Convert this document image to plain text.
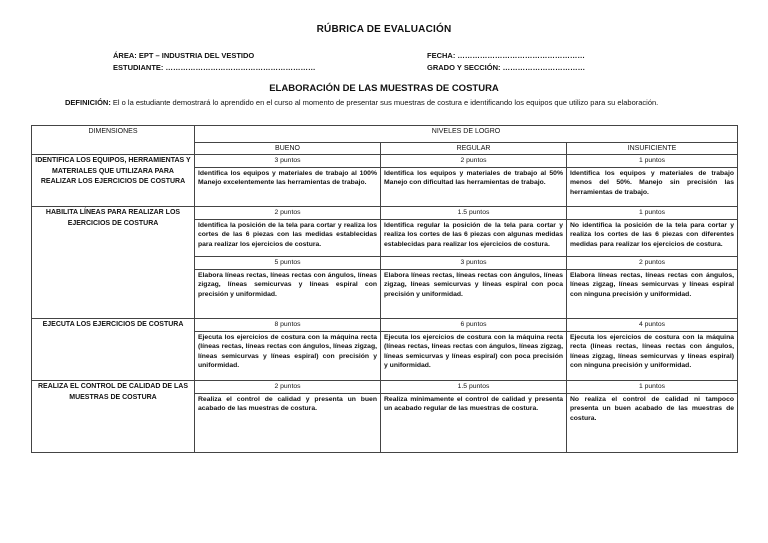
RÚBRICA DE EVALUACIÓN
ÁREA: EPT – INDUSTRIA DEL VESTIDO
ESTUDIANTE: ……………………………………………………
FECHA: ……………………………………………
GRADO Y SECCIÓN: ……………………………
ELABORACIÓN DE LAS MUESTRAS DE COSTURA
DEFINICIÓN: El o la estudiante demostrará lo aprendido en el curso al momento de presentar sus muestras de costura e identificando los equipos que utilizo para su elaboración.
DIMENSIONES	NIVELES DE LOGRO		
	BUENO	REGULAR	INSUFICIENTE
IDENTIFICA LOS EQUIPOS, HERRAMIENTAS Y MATERIALES QUE UTILIZARA PARA REALIZAR LOS EJERCICIOS DE COSTURA	3 puntos	2 puntos	1 puntos
	Identifica los equipos y materiales de trabajo al 100% Manejo excelentemente las herramientas de trabajo.	Identifica los equipos y materiales de trabajo al 50% Manejo con dificultad las herramientas de trabajo.	Identifica los equipos y materiales de trabajo menos del 50%. Manejo sin precisión las herramientas de trabajo.
HABILITA LÍNEAS PARA REALIZAR LOS EJERCICIOS DE COSTURA	2 puntos	1.5 puntos	1 puntos
	Identifica la posición de la tela para cortar y realiza los cortes de las 6 piezas con las medidas establecidas para realizar los ejercicios de costura.	Identifica regular la posición de la tela para cortar y realiza los cortes de las 6 piezas con algunas medidas establecidas para realizar los ejercicios de costura.	No identifica la posición de la tela para cortar y realiza los cortes de las 6 piezas con diferentes medidas para realizar los ejercicios de costura.
	5 puntos	3 puntos	2 puntos
	Elabora líneas rectas, líneas rectas con ángulos, líneas zigzag, líneas semicurvas y líneas espiral con precisión y uniformidad.	Elabora líneas rectas, líneas rectas con ángulos, líneas zigzag, líneas semicurvas y líneas espiral con poca precisión y uniformidad.	Elabora líneas rectas, líneas rectas con ángulos, líneas zigzag, líneas semicurvas y líneas espiral con ninguna precisión y uniformidad.
EJECUTA LOS EJERCICIOS DE COSTURA	8 puntos	6 puntos	4 puntos
	Ejecuta los ejercicios de costura con la máquina recta (líneas rectas, líneas rectas con ángulos, líneas zigzag, líneas semicurvas y líneas espiral) con precisión y uniformidad.	Ejecuta los ejercicios de costura con la máquina recta (líneas rectas, líneas rectas con ángulos, líneas zigzag, líneas semicurvas y líneas espiral) con poca precisión y uniformidad.	Ejecuta los ejercicios de costura con la máquina recta (líneas rectas, líneas rectas con ángulos, líneas zigzag, líneas semicurvas y líneas espiral) con ninguna precisión y uniformidad.
REALIZA EL CONTROL DE CALIDAD DE LAS MUESTRAS DE COSTURA	2 puntos	1.5 puntos	1 puntos
	Realiza el control de calidad y presenta un buen acabado de las muestras de costura.	Realiza mínimamente el control de calidad y presenta un acabado regular de las muestras de costura.	No realiza el control de calidad ni tampoco presenta un buen acabado de las muestras de costura.
